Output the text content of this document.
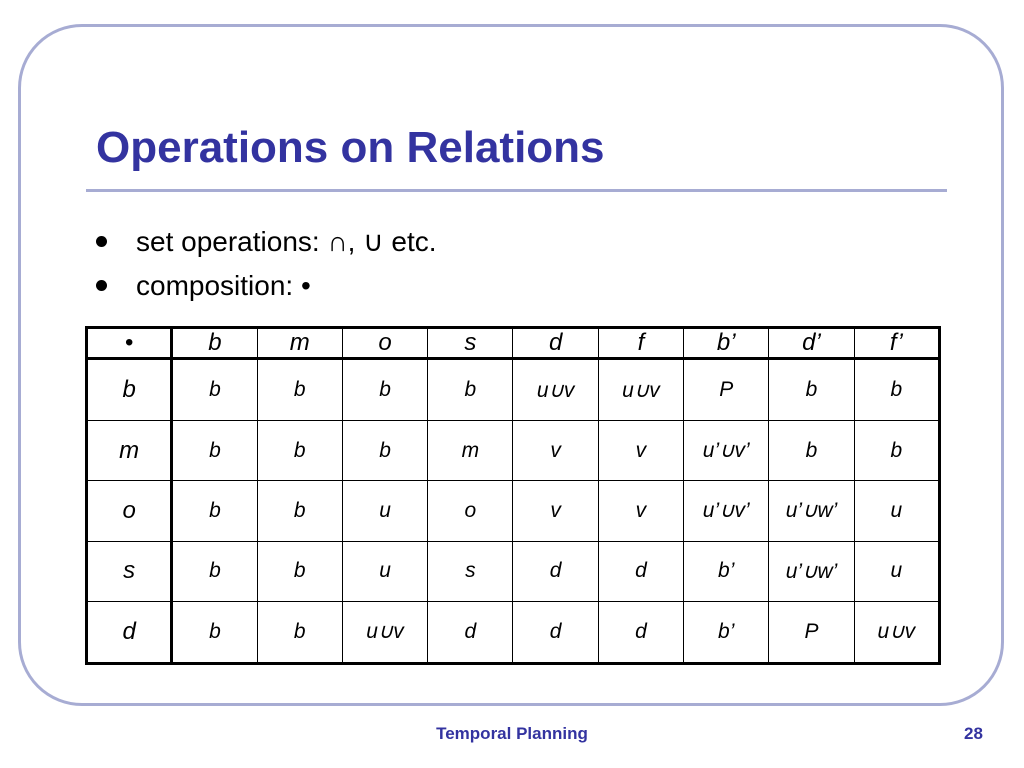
Operations on Relations
set operations: ∩, ∪ etc.
composition: •
•	b	m	o	s	d	f	b’	d’	f’
b	b	b	b	b	u∪v	u∪v	P	b	b
m	b	b	b	m	v	v	u’∪v’	b	b
o	b	b	u	o	v	v	u’∪v’	u’∪w’	u
s	b	b	u	s	d	d	b’	u’∪w’	u
d	b	b	u∪v	d	d	d	b’	P	u∪v
Temporal Planning	28
